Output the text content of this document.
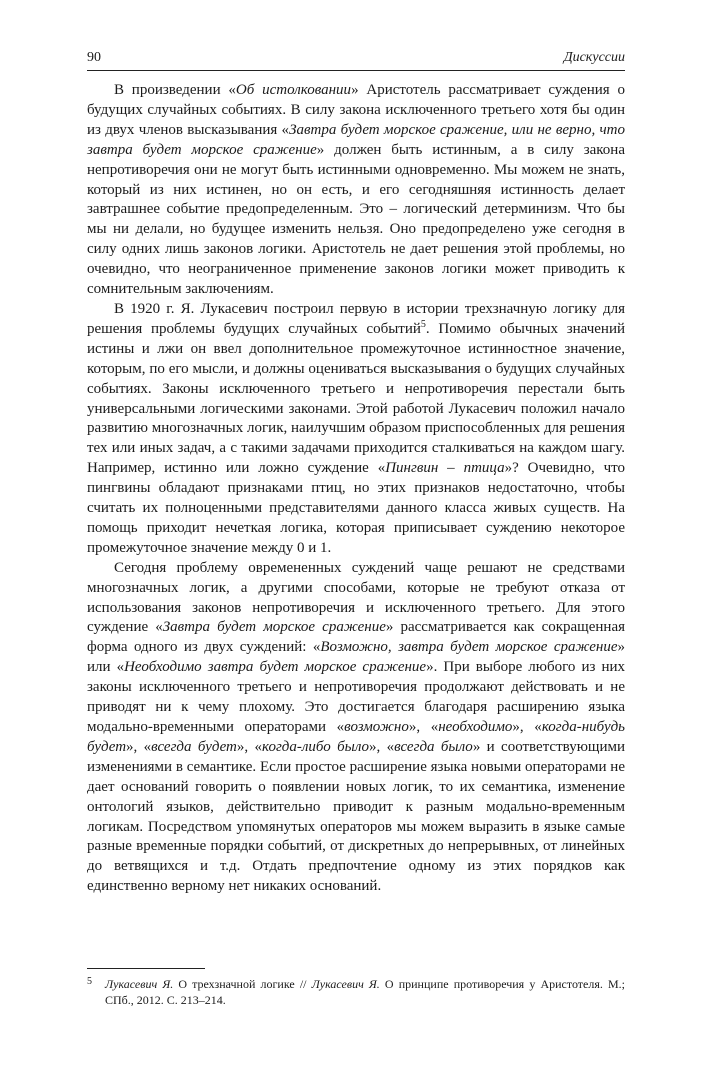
90	Дискуссии

В произведении «Об истолковании» Аристотель рассматривает суждения о будущих случайных событиях. В силу закона исключенного третьего хотя бы один из двух членов высказывания «Завтра будет морское сражение, или не верно, что завтра будет морское сражение» должен быть истинным, а в силу закона непротиворечия они не могут быть истинными одновременно. Мы можем не знать, который из них истинен, но он есть, и его сегодняшняя истинность делает завтрашнее событие предопределенным. Это – логический детерминизм. Что бы мы ни делали, но будущее изменить нельзя. Оно предопределено уже сегодня в силу одних лишь законов логики. Аристотель не дает решения этой проблемы, но очевидно, что неограниченное применение законов логики может приводить к сомнительным заключениям.

В 1920 г. Я. Лукасевич построил первую в истории трехзначную логику для решения проблемы будущих случайных событий$^5$. Помимо обычных значений истины и лжи он ввел дополнительное промежуточное истинностное значение, которым, по его мысли, и должны оцениваться высказывания о будущих случайных событиях. Законы исключенного третьего и непротиворечия перестали быть универсальными логическими законами. Этой работой Лукасевич положил начало развитию многозначных логик, наилучшим образом приспособленных для решения тех или иных задач, а с такими задачами приходится сталкиваться на каждом шагу. Например, истинно или ложно суждение «Пингвин – птица»? Очевидно, что пингвины обладают признаками птиц, но этих признаков недостаточно, чтобы считать их полноценными представителями данного класса живых существ. На помощь приходит нечеткая логика, которая приписывает суждению некоторое промежуточное значение между 0 и 1.

Сегодня проблему овремененных суждений чаще решают не средствами многозначных логик, а другими способами, которые не требуют отказа от использования законов непротиворечия и исключенного третьего. Для этого суждение «Завтра будет морское сражение» рассматривается как сокращенная форма одного из двух суждений: «Возможно, завтра будет морское сражение» или «Необходимо завтра будет морское сражение». При выборе любого из них законы исключенного третьего и непротиворечия продолжают действовать и не приводят ни к чему плохому. Это достигается благодаря расширению языка модально-временными операторами «возможно», «необходимо», «когда-нибудь будет», «всегда будет», «когда-либо было», «всегда было» и соответствующими изменениями в семантике. Если простое расширение языка новыми операторами не дает оснований говорить о появлении новых логик, то их семантика, изменение онтологий языков, действительно приводит к разным модально-временным логикам. Посредством упомянутых операторов мы можем выразить в языке самые разные временные порядки событий, от дискретных до непрерывных, от линейных до ветвящихся и т.д. Отдать предпочтение одному из этих порядков как единственно верному нет никаких оснований.

5 Лукасевич Я. О трехзначной логике // Лукасевич Я. О принципе противоречия у Аристотеля. М.; СПб., 2012. С. 213–214.
